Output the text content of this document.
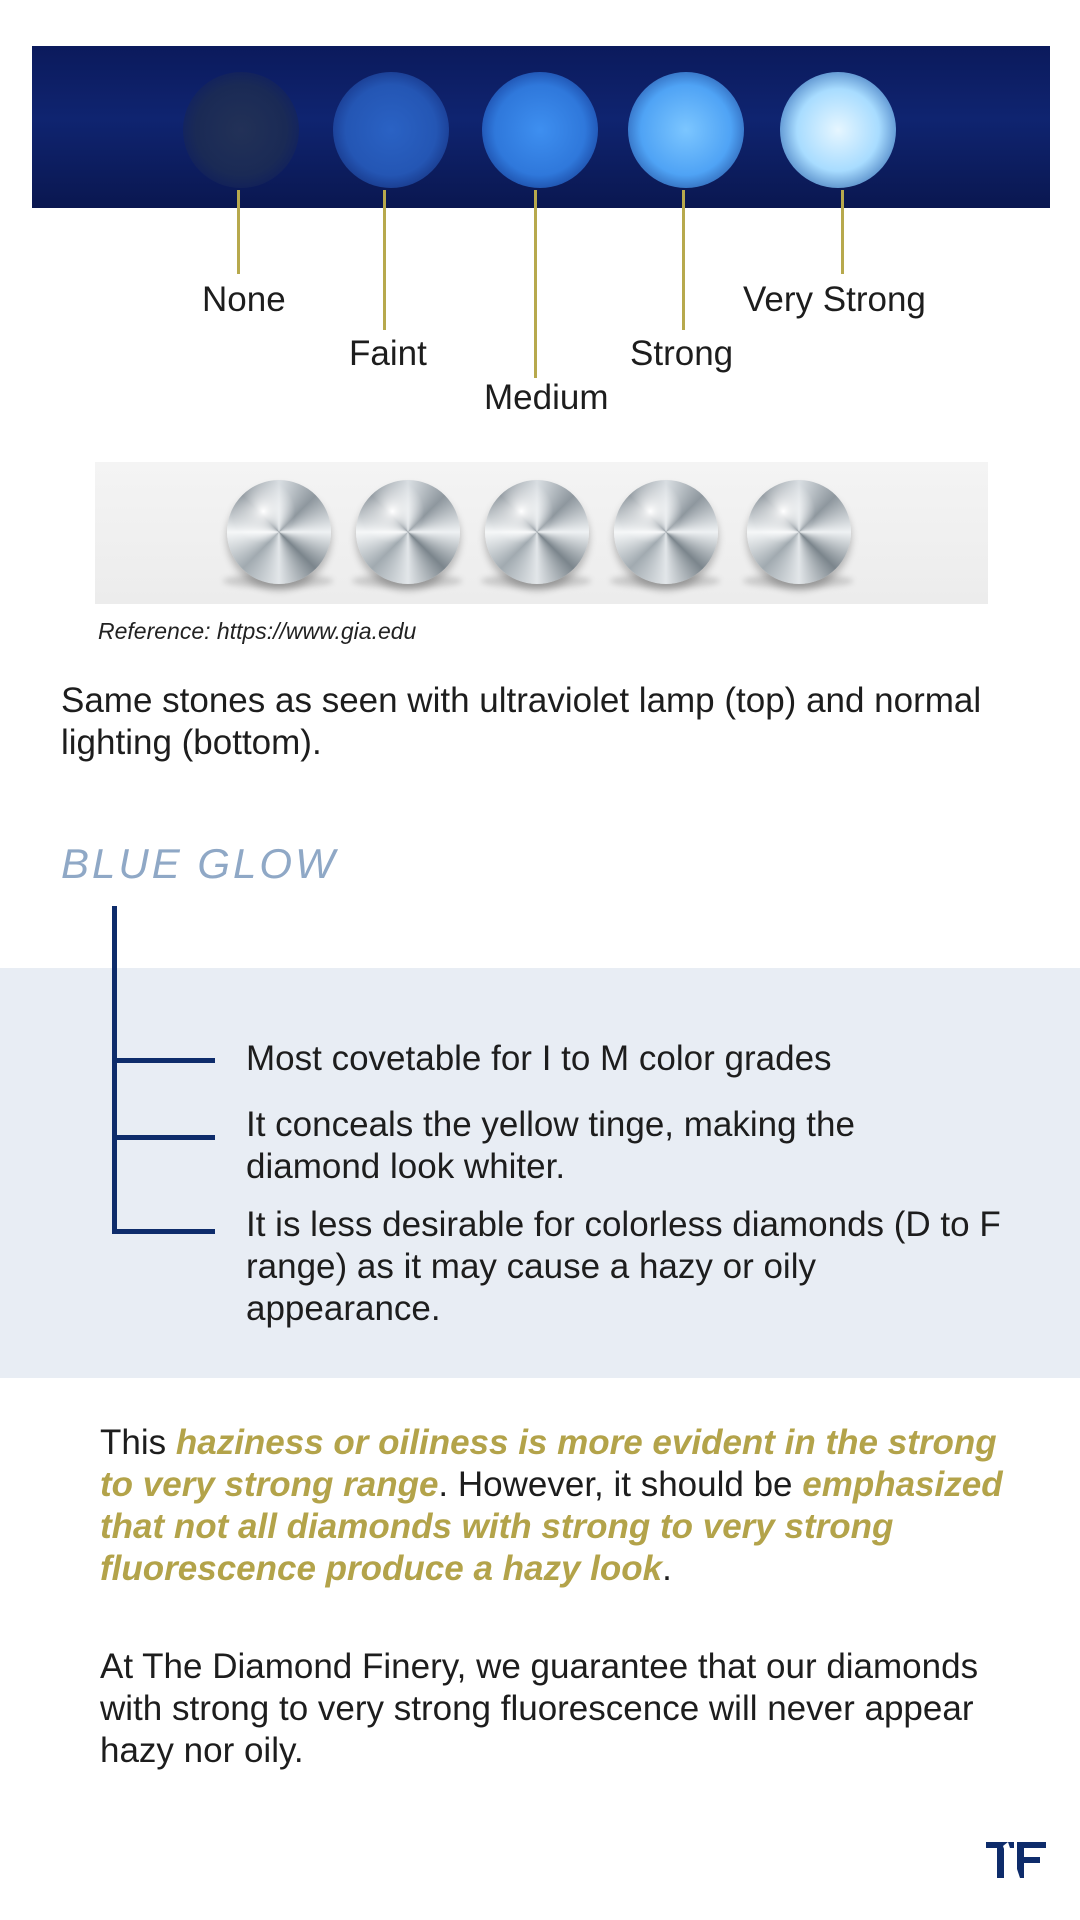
None
Faint
Medium
Strong
Very Strong
Reference: https://www.gia.edu
Same stones as seen with ultraviolet lamp (top) and normal lighting (bottom).
BLUE GLOW
Most covetable for I to M color grades
It conceals the yellow tinge, making the diamond look whiter.
It is less desirable for colorless diamonds (D to F range) as it may cause a hazy or oily appearance.
This haziness or oiliness is more evident in the strong to very strong range. However, it should be emphasized that not all diamonds with strong to very strong fluorescence produce a hazy look.
At The Diamond Finery, we guarantee that our diamonds with strong to very strong fluorescence will never appear hazy nor oily.
